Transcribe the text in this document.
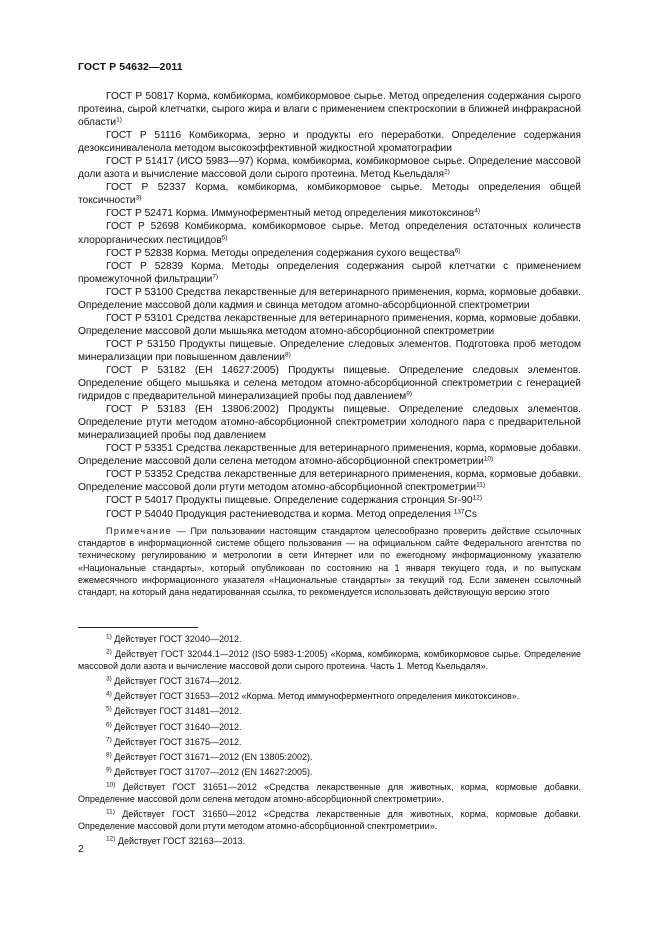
ГОСТ Р 54632—2011

ГОСТ Р 50817 Корма, комбикорма, комбикормовое сырье. Метод определения содержания сырого протеина, сырой клетчатки, сырого жира и влаги с применением спектроскопии в ближней инфракрасной области$^{1)}$

ГОСТ Р 51116 Комбикорма, зерно и продукты его переработки. Определение содержания дезоксиниваленола методом высокоэффективной жидкостной хроматографии

ГОСТ Р 51417 (ИСО 5983—97) Корма, комбикорма, комбикормовое сырье. Определение массовой доли азота и вычисление массовой доли сырого протеина. Метод Кьельдаля$^{2)}$

ГОСТ Р 52337 Корма, комбикорма, комбикормовое сырье. Методы определения общей токсичности$^{3)}$

ГОСТ Р 52471 Корма. Иммуноферментный метод определения микотоксинов$^{4)}$

ГОСТ Р 52698 Комбикорма, комбикормовое сырье. Метод определения остаточных количеств хлорорганических пестицидов$^{5)}$

ГОСТ Р 52838 Корма. Методы определения содержания сухого вещества$^{6)}$

ГОСТ Р 52839 Корма. Методы определения содержания сырой клетчатки с применением промежуточной фильтрации$^{7)}$

ГОСТ Р 53100 Средства лекарственные для ветеринарного применения, корма, кормовые добавки. Определение массовой доли кадмия и свинца методом атомно-абсорбционной спектрометрии

ГОСТ Р 53101 Средства лекарственные для ветеринарного применения, корма, кормовые добавки. Определение массовой доли мышьяка методом атомно-абсорбционной спектрометрии

ГОСТ Р 53150 Продукты пищевые. Определение следовых элементов. Подготовка проб методом минерализации при повышенном давлении$^{8)}$

ГОСТ Р 53182 (ЕН 14627:2005) Продукты пищевые. Определение следовых элементов. Определение общего мышьяка и селена методом атомно-абсорбционной спектрометрии с генерацией гидридов с предварительной минерализацией пробы под давлением$^{9)}$

ГОСТ Р 53183 (ЕН 13806:2002) Продукты пищевые. Определение следовых элементов. Определение ртути методом атомно-абсорбционной спектрометрии холодного пара с предварительной минерализацией пробы под давлением

ГОСТ Р 53351 Средства лекарственные для ветеринарного применения, корма, кормовые добавки. Определение массовой доли селена методом атомно-абсорбционной спектрометрии$^{10)}$

ГОСТ Р 53352 Средства лекарственные для ветеринарного применения, корма, кормовые добавки. Определение массовой доли ртути методом атомно-абсорбционной спектрометрии$^{11)}$

ГОСТ Р 54017 Продукты пищевые. Определение содержания стронция Sr-90$^{12)}$

ГОСТ Р 54040 Продукция растениеводства и корма. Метод определения $^{137}$Cs

Примечание — При пользовании настоящим стандартом целесообразно проверить действие ссылочных стандартов в информационной системе общего пользования — на официальном сайте Федерального агентства по техническому регулированию и метрологии в сети Интернет или по ежегодному информационному указателю «Национальные стандарты», который опубликован по состоянию на 1 января текущего года, и по выпускам ежемесячного информационного указателя «Национальные стандарты» за текущий год. Если заменен ссылочный стандарт, на который дана недатированная ссылка, то рекомендуется использовать действующую версию этого

$^{1)}$ Действует ГОСТ 32040—2012.

$^{2)}$ Действует ГОСТ 32044.1—2012 (ISO 5983-1:2005) «Корма, комбикорма, комбикормовое сырье. Определение массовой доли азота и вычисление массовой доли сырого протеина. Часть 1. Метод Кьельдаля».

$^{3)}$ Действует ГОСТ 31674—2012.

$^{4)}$ Действует ГОСТ 31653—2012 «Корма. Метод иммуноферментного определения микотоксинов».

$^{5)}$ Действует ГОСТ 31481—2012.

$^{6)}$ Действует ГОСТ 31640—2012.

$^{7)}$ Действует ГОСТ 31675—2012.

$^{8)}$ Действует ГОСТ 31671—2012 (EN 13805:2002).

$^{9)}$ Действует ГОСТ 31707—2012 (EN 14627:2005).

$^{10)}$ Действует ГОСТ 31651—2012 «Средства лекарственные для животных, корма, кормовые добавки. Определение массовой доли селена методом атомно-абсорбционной спектрометрии».

$^{11)}$ Действует ГОСТ 31650—2012 «Средства лекарственные для животных, корма, кормовые добавки. Определение массовой доли ртути методом атомно-абсорбционной спектрометрии».

$^{12)}$ Действует ГОСТ 32163—2013.

2
